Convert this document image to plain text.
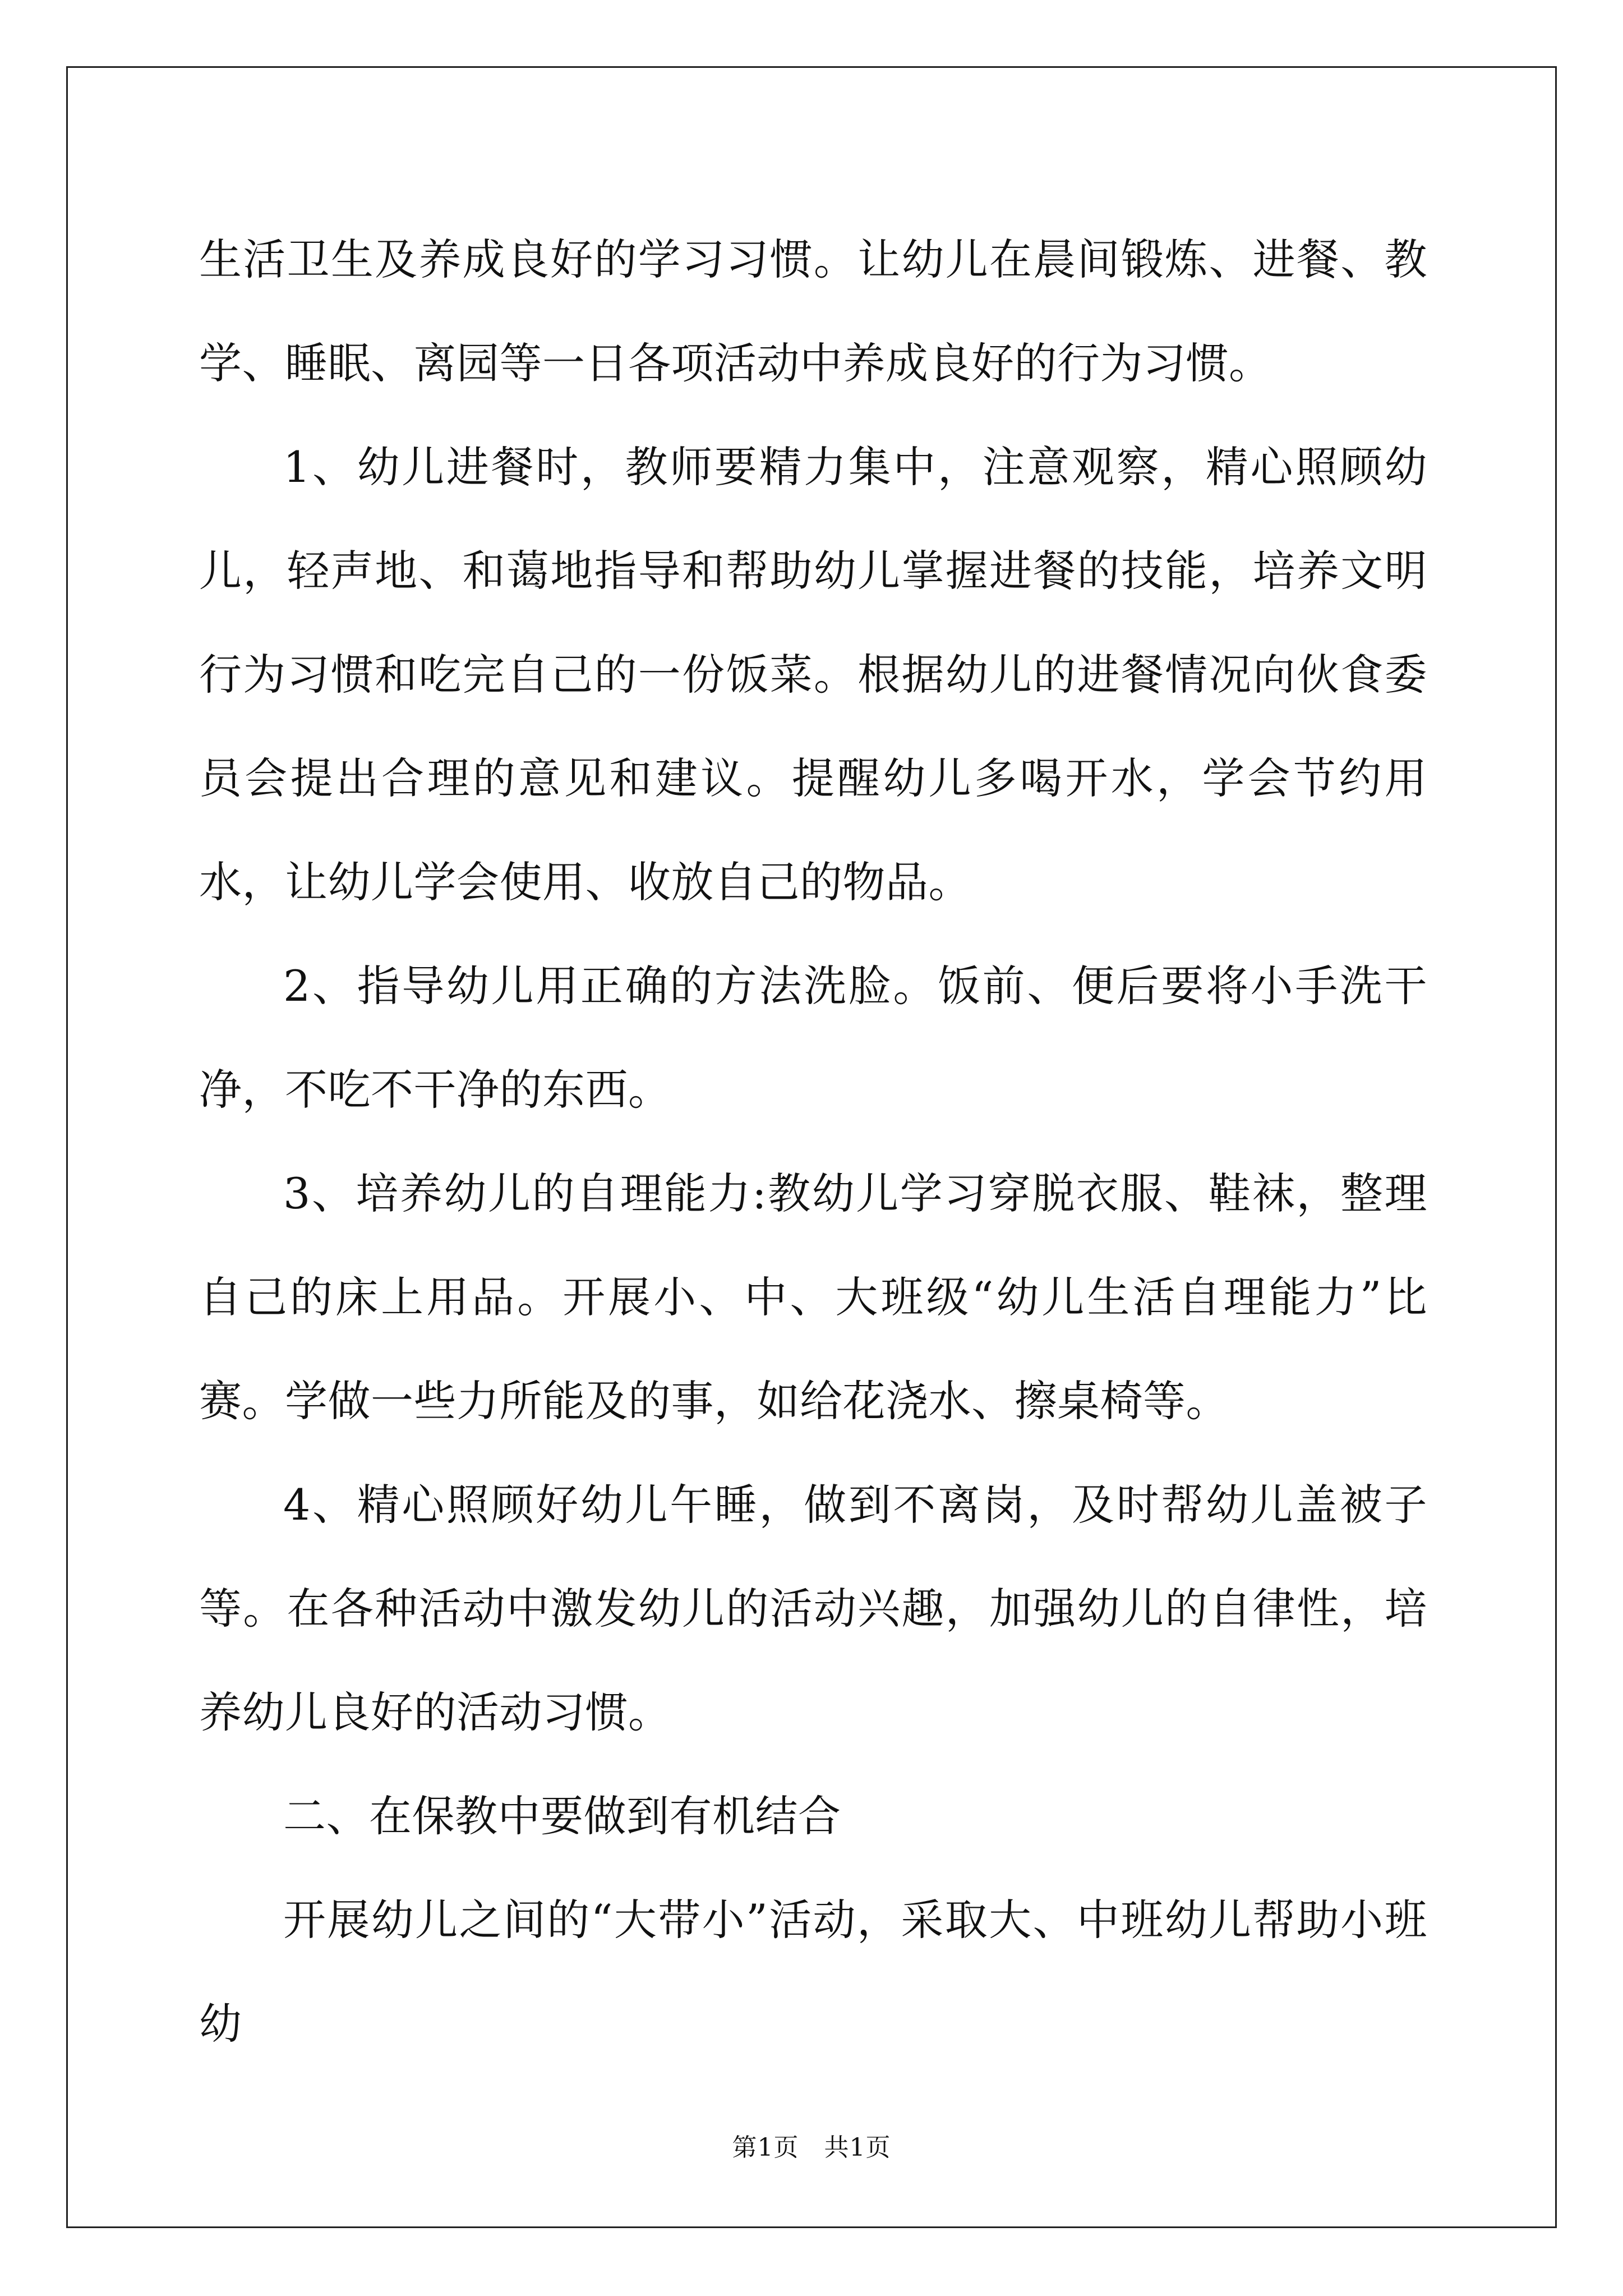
生活卫生及养成良好的学习习惯。让幼儿在晨间锻炼、进餐、教学、睡眠、离园等一日各项活动中养成良好的行为习惯。

1、幼儿进餐时，教师要精力集中，注意观察，精心照顾幼儿，轻声地、和蔼地指导和帮助幼儿掌握进餐的技能，培养文明行为习惯和吃完自己的一份饭菜。根据幼儿的进餐情况向伙食委员会提出合理的意见和建议。提醒幼儿多喝开水，学会节约用水，让幼儿学会使用、收放自己的物品。

2、指导幼儿用正确的方法洗脸。饭前、便后要将小手洗干净，不吃不干净的东西。

3、培养幼儿的自理能力:教幼儿学习穿脱衣服、鞋袜，整理自己的床上用品。开展小、中、大班级“幼儿生活自理能力”比赛。学做一些力所能及的事，如给花浇水、擦桌椅等。

4、精心照顾好幼儿午睡，做到不离岗，及时帮幼儿盖被子等。在各种活动中激发幼儿的活动兴趣，加强幼儿的自律性，培养幼儿良好的活动习惯。

二、在保教中要做到有机结合

开展幼儿之间的“大带小”活动，采取大、中班幼儿帮助小班幼

第1页　共1页
